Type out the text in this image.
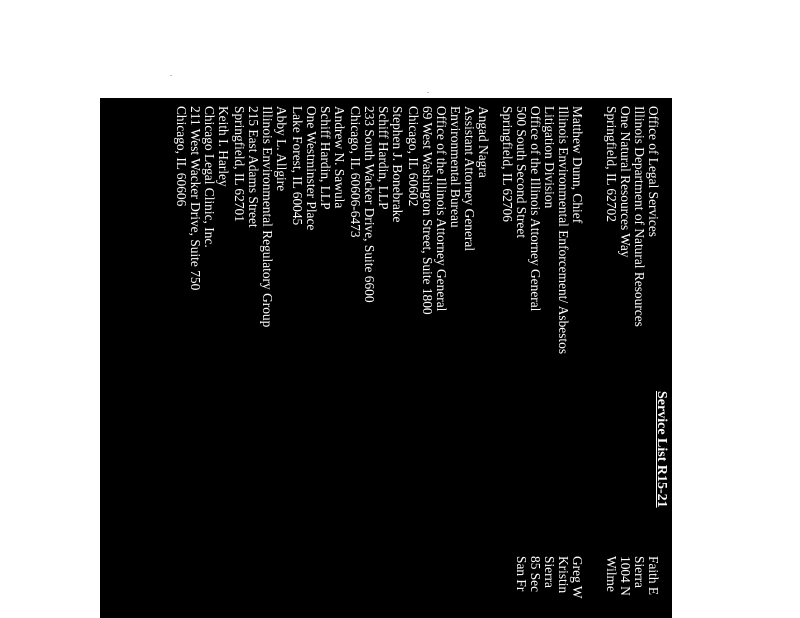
Service List R15-21
Office of Legal Services
Illinois Department of Natural Resources
One Natural Resources Way
Springfield, IL 62702
Matthew Dunn, Chief
Illinois Environmental Enforcement/ Asbestos
Litigation Division
Office of the Illinois Attorney General
500 South Second Street
Springfield, IL 62706
Angad Nagra
Assistant Attorney General
Environmental Bureau
Office of the Illinois Attorney General
69 West Washington Street, Suite 1800
Chicago, IL 60602
Stephen J. Bonebrake
Schiff Hardin, LLP
233 South Wacker Drive, Suite 6600
Chicago, IL 60606-6473
Andrew N. Sawula
Schiff Hardin, LLP
One Westminster Place
Lake Forest, IL 60045
Abby L. Allgire
Illinois Environmental Regulatory Group
215 East Adams Street
Springfield, IL 62701
Keith I. Harley
Chicago Legal Clinic, Inc.
211 West Wacker Drive, Suite 750
Chicago, IL 60606
Faith E
Sierra
1004 N
Wilme
Greg W
Kristin
Sierra
85 Sec
San Fr
